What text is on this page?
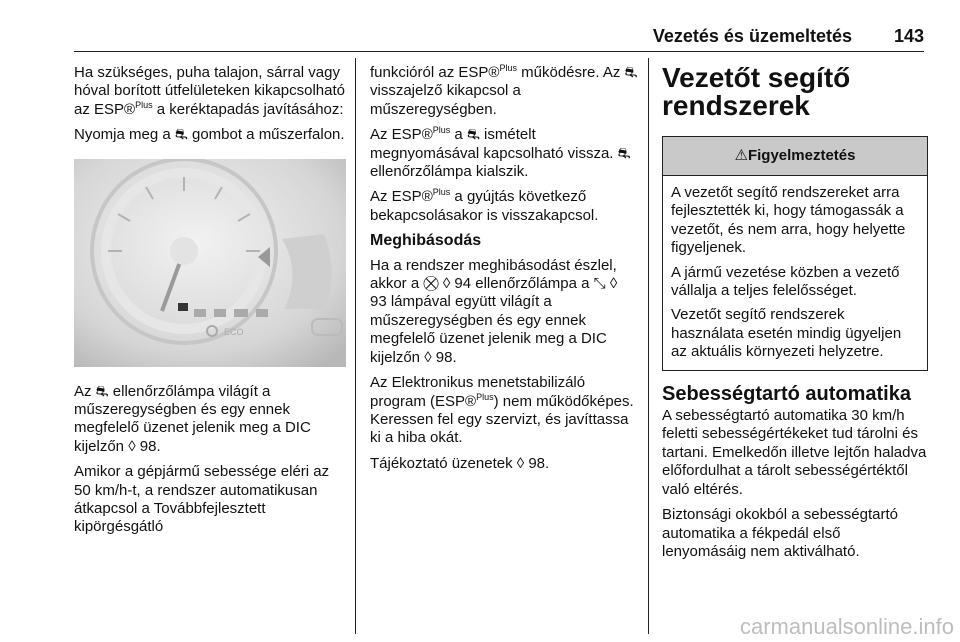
Vezetés és üzemeltetés 143

Ha szükséges, puha talajon, sárral vagy hóval borított útfelületeken kikapcsolható az ESP®$^{Plus}$ a keréktapadás javításához:

Nyomja meg a ⛐ gombot a műszerfalon.

ECO

Az ⛐ ellenőrzőlámpa világít a műszeregységben és egy ennek megfelelő üzenet jelenik meg a DIC kijelzőn ◊ 98.

Amikor a gépjármű sebessége eléri az 50 km/h-t, a rendszer automatikusan átkapcsol a Továbbfejlesztett kipörgésgátló

funkcióról az ESP®$^{Plus}$ működésre. Az ⛐ visszajelző kikapcsol a műszeregységben.

Az ESP®$^{Plus}$ a ⛐ ismételt megnyomásával kapcsolható vissza. ⛐ ellenőrzőlámpa kialszik.

Az ESP®$^{Plus}$ a gyújtás következő bekapcsolásakor is visszakapcsol.

Meghibásodás

Ha a rendszer meghibásodást észlel, akkor a ⛒ ◊ 94 ellenőrzőlámpa a ⤡ ◊ 93 lámpával együtt világít a műszeregységben és egy ennek megfelelő üzenet jelenik meg a DIC kijelzőn ◊ 98.

Az Elektronikus menetstabilizáló program (ESP®$^{Plus}$) nem működőképes. Keressen fel egy szervizt, és javíttassa ki a hiba okát.

Tájékoztató üzenetek ◊ 98.

Vezetőt segítő rendszerek
⚠Figyelmeztetés

A vezetőt segítő rendszereket arra fejlesztették ki, hogy támogassák a vezetőt, és nem arra, hogy helyette figyeljenek.

A jármű vezetése közben a vezető vállalja a teljes felelősséget.

Vezetőt segítő rendszerek használata esetén mindig ügyeljen az aktuális környezeti helyzetre.

Sebességtartó automatika

A sebességtartó automatika 30 km/h feletti sebességértékeket tud tárolni és tartani. Emelkedőn illetve lejtőn haladva előfordulhat a tárolt sebességértéktől való eltérés.

Biztonsági okokból a sebességtartó automatika a fékpedál első lenyomásáig nem aktiválható.

carmanualsonline.info
